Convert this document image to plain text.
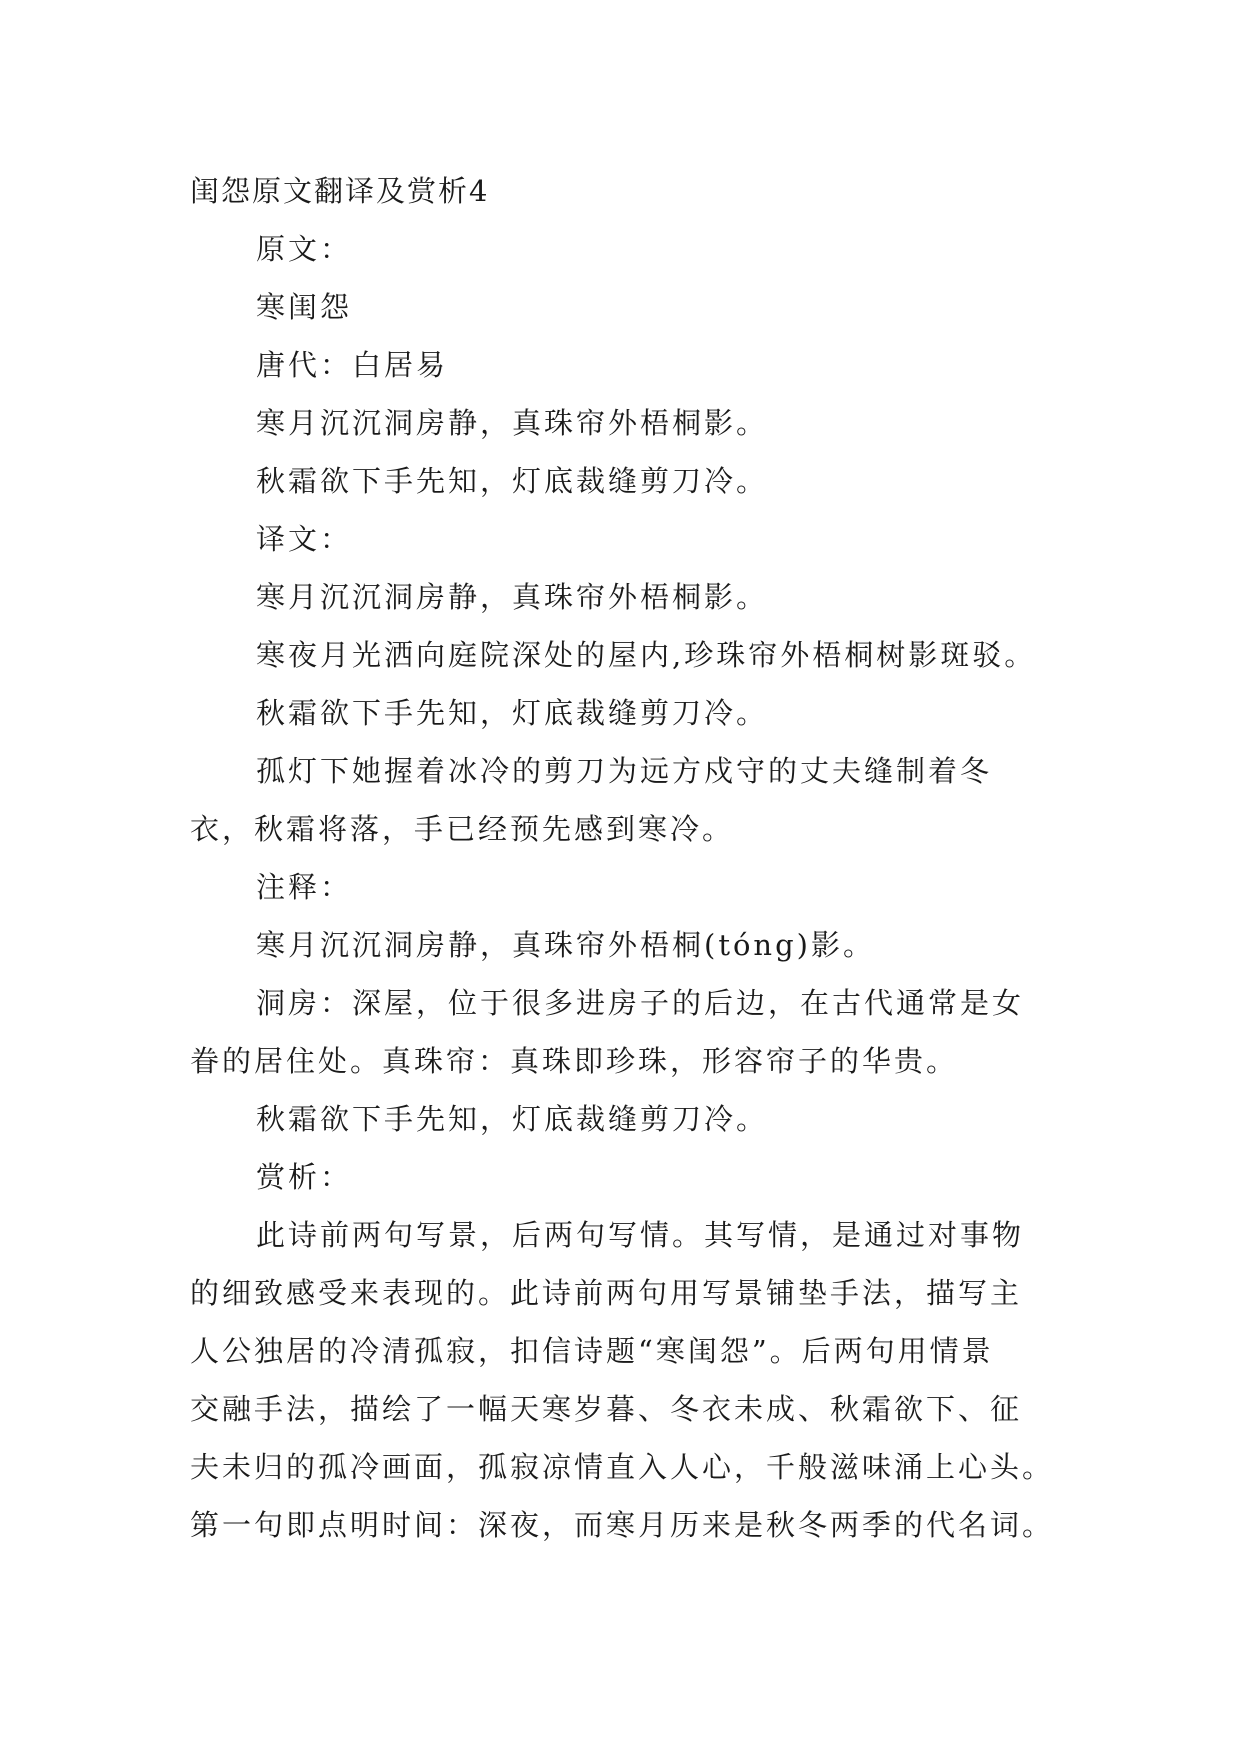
闺怨原文翻译及赏析4
原文：
寒闺怨
唐代：白居易
寒月沉沉洞房静，真珠帘外梧桐影。
秋霜欲下手先知，灯底裁缝剪刀冷。
译文：
寒月沉沉洞房静，真珠帘外梧桐影。
寒夜月光洒向庭院深处的屋内,珍珠帘外梧桐树影斑驳。
秋霜欲下手先知，灯底裁缝剪刀冷。
孤灯下她握着冰冷的剪刀为远方戍守的丈夫缝制着冬
衣，秋霜将落，手已经预先感到寒冷。
注释：
寒月沉沉洞房静，真珠帘外梧桐(tóng)影。
洞房：深屋，位于很多进房子的后边，在古代通常是女
眷的居住处。真珠帘：真珠即珍珠，形容帘子的华贵。
秋霜欲下手先知，灯底裁缝剪刀冷。
赏析：
此诗前两句写景，后两句写情。其写情，是通过对事物
的细致感受来表现的。此诗前两句用写景铺垫手法，描写主
人公独居的冷清孤寂，扣信诗题“寒闺怨”。后两句用情景
交融手法，描绘了一幅天寒岁暮、冬衣未成、秋霜欲下、征
夫未归的孤冷画面，孤寂凉情直入人心，千般滋味涌上心头。
第一句即点明时间：深夜，而寒月历来是秋冬两季的代名词。
